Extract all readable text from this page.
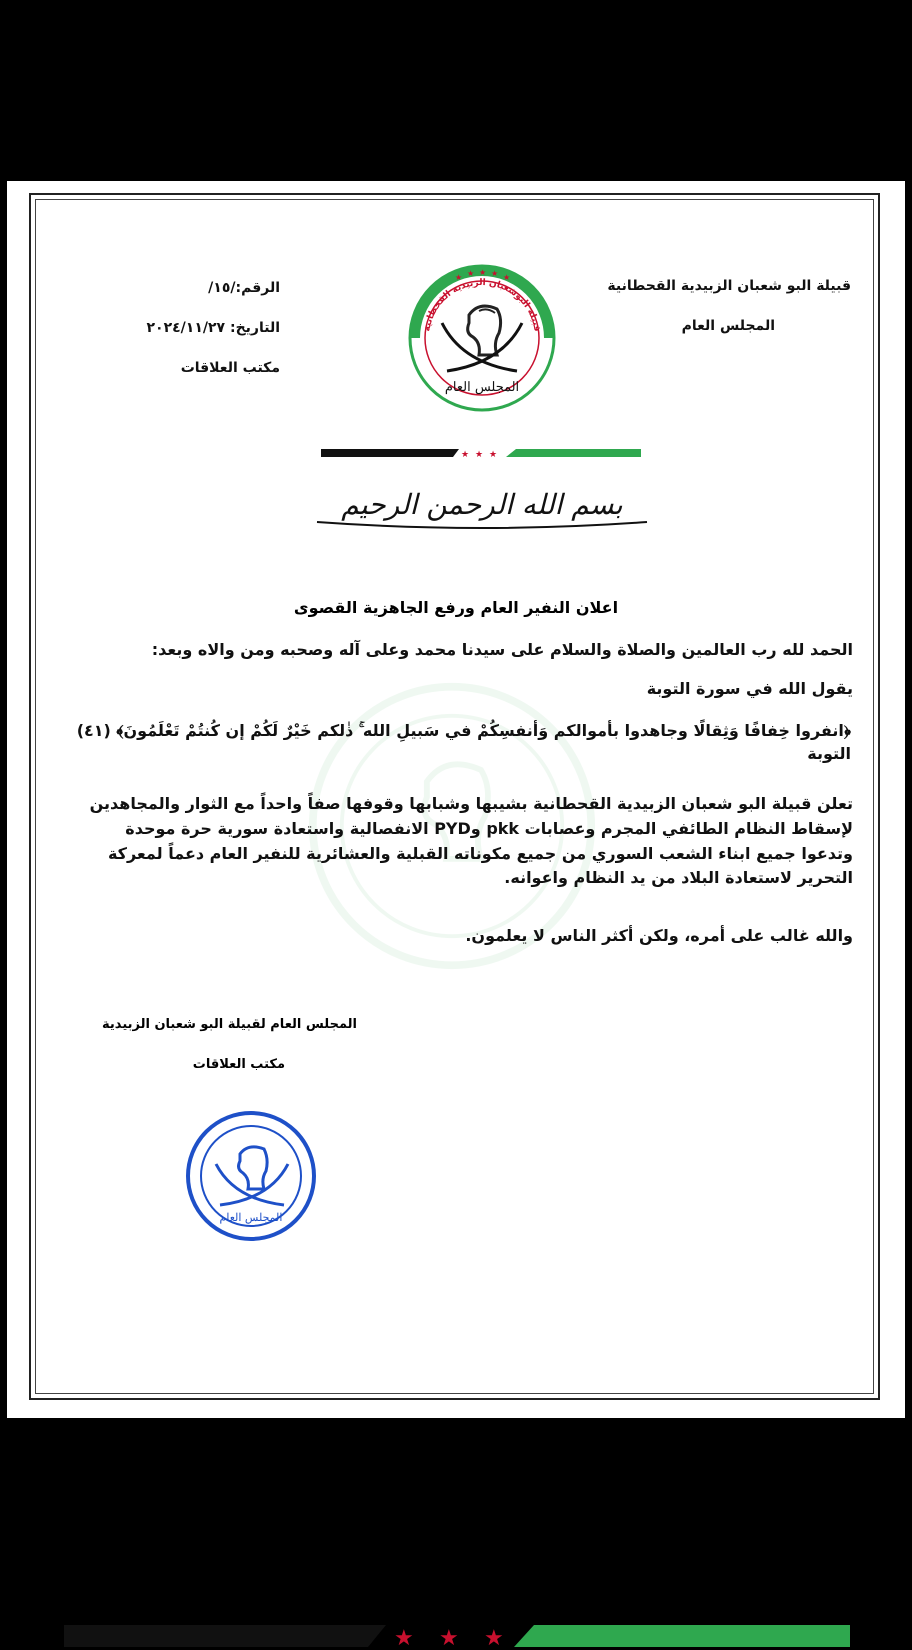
قبيلة البو شعبان الزبيدية القحطانية
المجلس العام
الرقم:/١٥/
التاريخ: ٢٠٢٤/١١/٢٧
مكتب العلاقات
قبيلة البوشعبان الزبيدية القحطانية
★ ★ ★ ★ ★
المجلس العام
★ ★ ★
بسم الله الرحمن الرحيم
اعلان النفير العام ورفع الجاهزية القصوى
الحمد لله رب العالمين والصلاة والسلام على سيدنا محمد وعلى آله وصحبه ومن والاه وبعد:
يقول الله في سورة التوبة
﴿انفروا خِفافًا وَثِقالًا وجاهدوا بأموالكم وَأنفسِكُمْ في سَبيلِ الله ۚ ذٰلكم خَيْرٌ لَكُمْ إن كُنتُمْ تَعْلَمُونَ﴾ (٤١)
التوبة
تعلن قبيلة البو شعبان الزبيدية القحطانية بشيبها وشبابها وقوفها صفاً واحداً مع الثوار والمجاهدين
لإسقاط النظام الطائفي المجرم وعصابات pkk وPYD الانفصالية واستعادة سورية حرة موحدة
وتدعوا جميع ابناء الشعب السوري من جميع مكوناته القبلية والعشائرية للنفير العام دعماً لمعركة
التحرير لاستعادة البلاد من يد النظام واعوانه.
والله غالب على أمره، ولكن أكثر الناس لا يعلمون.
المجلس العام لقبيلة البو شعبان الزبيدية
مكتب العلاقات
المجلس العام
★ ★ ★
